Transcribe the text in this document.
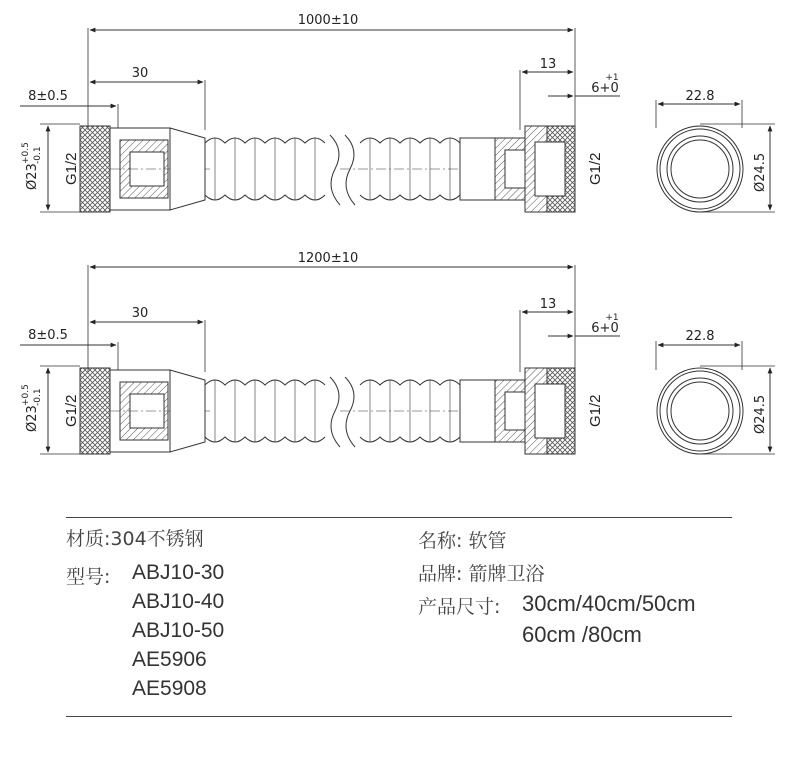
1000±10
30
8±0.5
13
+1
6+0
22.8
Ø23
+0.5 -0.1 G1/2	G1/2	Ø24.5
1200±10
30
8±0.5
13
+1
6+0
22.8
Ø23
+0.5 -0.1 G1/2	G1/2	Ø24.5
材质:304不锈钢
型号: ABJ10-30
ABJ10-40
ABJ10-50
AE5906
AE5908
名称: 软管
品牌: 箭牌卫浴
产品尺寸: 30cm/40cm/50cm
60cm /80cm
